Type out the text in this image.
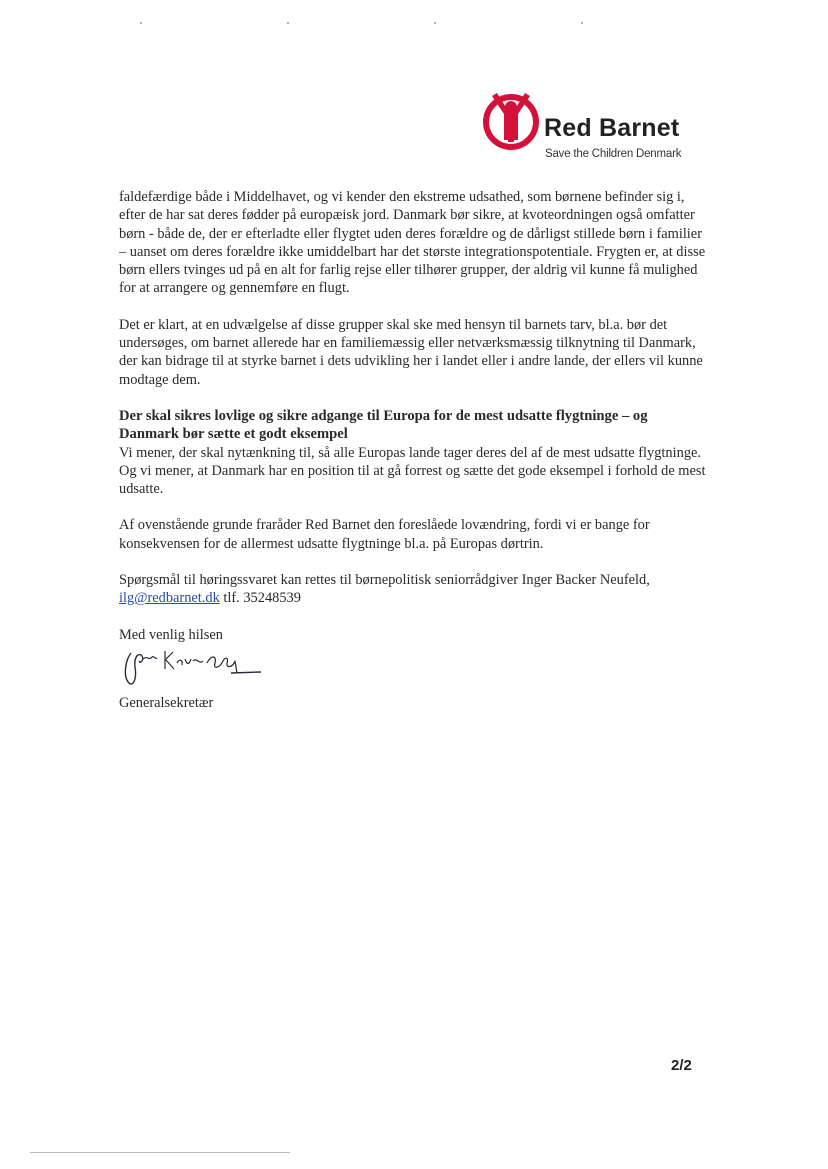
Red Barnet
Save the Children Denmark

faldefærdige både i Middelhavet, og vi kender den ekstreme udsathed, som børnene befinder sig i, efter de har sat deres fødder på europæisk jord. Danmark bør sikre, at kvoteordningen også omfatter børn - både de, der er efterladte eller flygtet uden deres forældre og de dårligst stillede børn i familier – uanset om deres forældre ikke umiddelbart har det største integrationspotentiale. Frygten er, at disse børn ellers tvinges ud på en alt for farlig rejse eller tilhører grupper, der aldrig vil kunne få mulighed for at arrangere og gennemføre en flugt.

Det er klart, at en udvælgelse af disse grupper skal ske med hensyn til barnets tarv, bl.a. bør det undersøges, om barnet allerede har en familiemæssig eller netværksmæssig tilknytning til Danmark, der kan bidrage til at styrke barnet i dets udvikling her i landet eller i andre lande, der ellers vil kunne modtage dem.

Der skal sikres lovlige og sikre adgange til Europa for de mest udsatte flygtninge – og Danmark bør sætte et godt eksempel

Vi mener, der skal nytænkning til, så alle Europas lande tager deres del af de mest udsatte flygtninge. Og vi mener, at Danmark har en position til at gå forrest og sætte det gode eksempel i forhold de mest udsatte.

Af ovenstående grunde fraråder Red Barnet den foreslåede lovændring, fordi vi er bange for konsekvensen for de allermest udsatte flygtninge bl.a. på Europas dørtrin.

Spørgsmål til høringssvaret kan rettes til børnepolitisk seniorrådgiver Inger Backer Neufeld, ilg@redbarnet.dk tlf. 35248539

Med venlig hilsen

Generalsekretær
2/2
